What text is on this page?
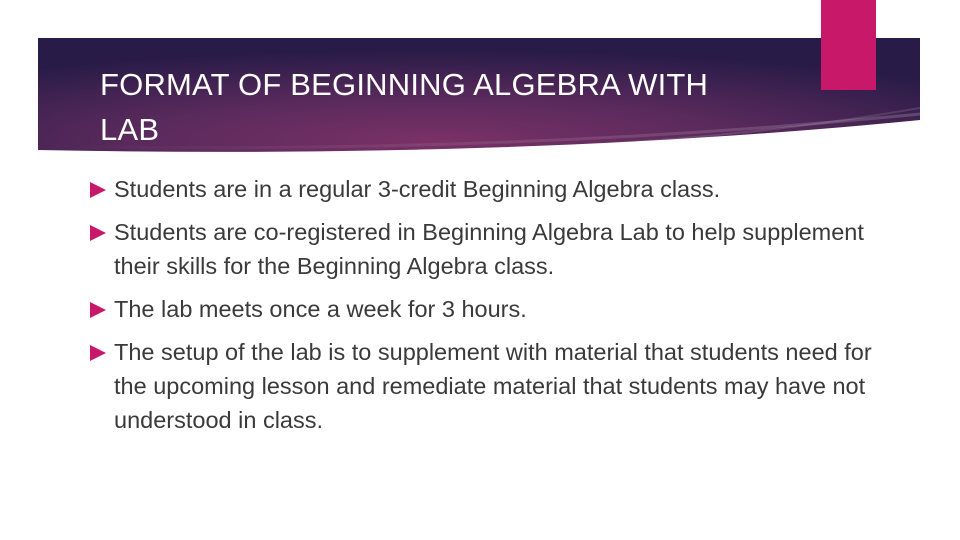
FORMAT OF BEGINNING ALGEBRA WITH LAB
Students are in a regular 3-credit Beginning Algebra class.
Students are co-registered in Beginning Algebra Lab to help supplement their skills for the Beginning Algebra class.
The lab meets once a week for 3 hours.
The setup of the lab is to supplement with material that students need for the upcoming lesson and remediate material that students may have not understood in class.
